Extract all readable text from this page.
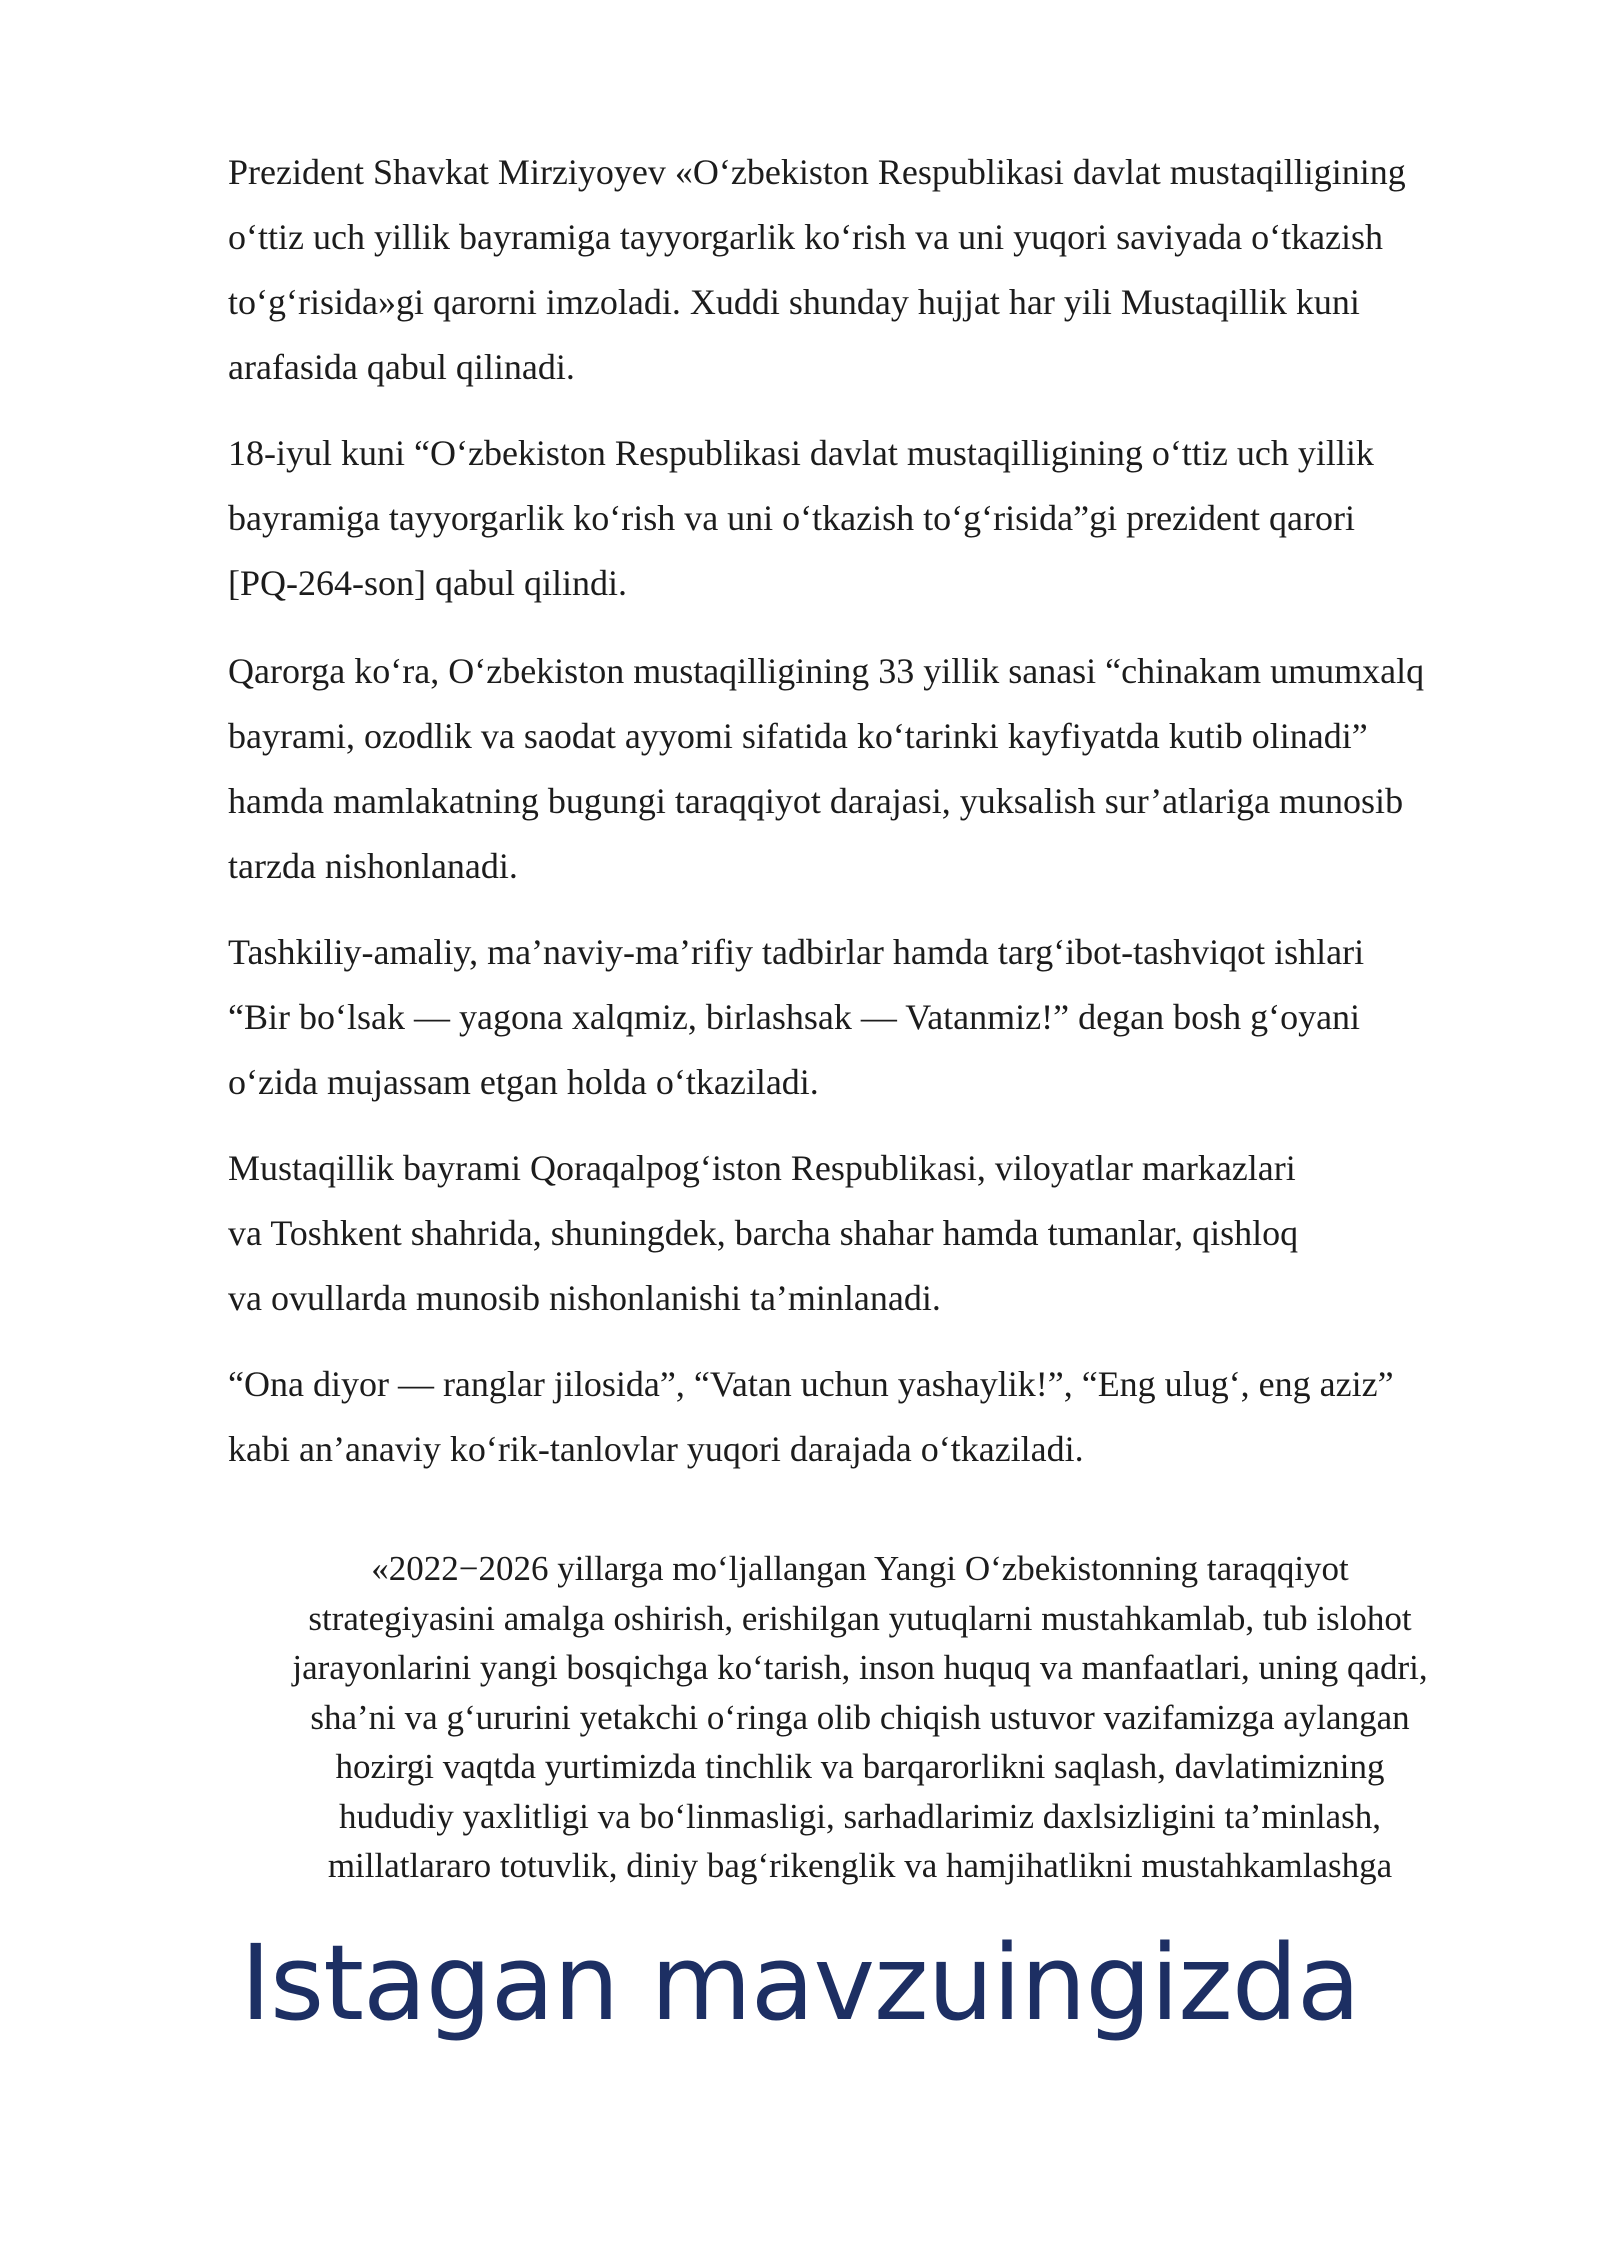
Prezident Shavkat Mirziyoyev «Oʻzbekiston Respublikasi davlat mustaqilligining
oʻttiz uch yillik bayramiga tayyorgarlik koʻrish va uni yuqori saviyada oʻtkazish
toʻgʻrisida»gi qarorni imzoladi. Xuddi shunday hujjat har yili Mustaqillik kuni
arafasida qabul qilinadi.

18-iyul kuni “Oʻzbekiston Respublikasi davlat mustaqilligining oʻttiz uch yillik
bayramiga tayyorgarlik koʻrish va uni oʻtkazish toʻgʻrisida”gi prezident qarori
[PQ-264-son] qabul qilindi.

Qarorga koʻra, Oʻzbekiston mustaqilligining 33 yillik sanasi “chinakam umumxalq
bayrami, ozodlik va saodat ayyomi sifatida koʻtarinki kayfiyatda kutib olinadi”
hamda mamlakatning bugungi taraqqiyot darajasi, yuksalish sur’atlariga munosib
tarzda nishonlanadi.

Tashkiliy-amaliy, ma’naviy-ma’rifiy tadbirlar hamda targʻibot-tashviqot ishlari
“Bir boʻlsak — yagona xalqmiz, birlashsak — Vatanmiz!” degan bosh gʻoyani
oʻzida mujassam etgan holda oʻtkaziladi.

Mustaqillik bayrami Qoraqalpogʻiston Respublikasi, viloyatlar markazlari
va Toshkent shahrida, shuningdek, barcha shahar hamda tumanlar, qishloq
va ovullarda munosib nishonlanishi ta’minlanadi.

“Ona diyor — ranglar jilosida”, “Vatan uchun yashaylik!”, “Eng ulugʻ, eng aziz”
kabi an’anaviy koʻrik-tanlovlar yuqori darajada oʻtkaziladi.

«2022−2026 yillarga moʻljallangan Yangi Oʻzbekistonning taraqqiyot
strategiyasini amalga oshirish, erishilgan yutuqlarni mustahkamlab, tub islohot
jarayonlarini yangi bosqichga koʻtarish, inson huquq va manfaatlari, uning qadri,
sha’ni va gʻururini yetakchi oʻringa olib chiqish ustuvor vazifamizga aylangan
hozirgi vaqtda yurtimizda tinchlik va barqarorlikni saqlash, davlatimizning
hududiy yaxlitligi va boʻlinmasligi, sarhadlarimiz daxlsizligini ta’minlash,
millatlararo totuvlik, diniy bagʻrikenglik va hamjihatlikni mustahkamlashga
Istagan mavzuingizda
